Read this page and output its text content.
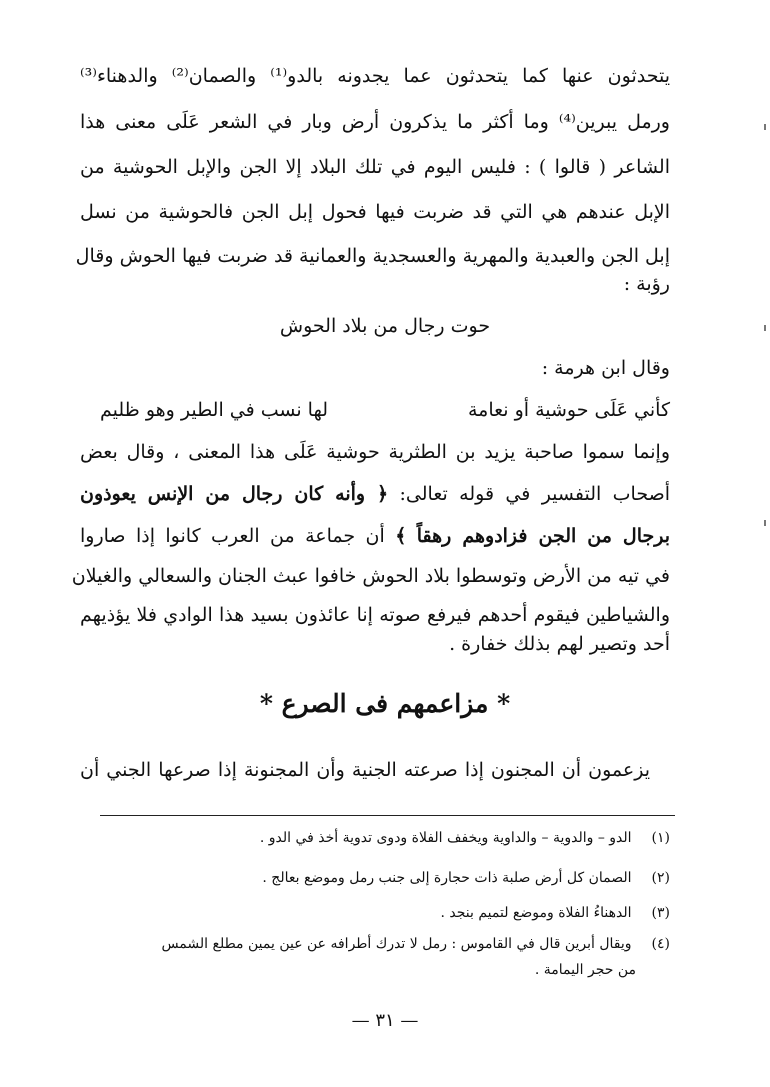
يتحدثون عنها كما يتحدثون عما يجدونه بالدو⁽¹⁾ والصمان⁽²⁾ والدهناء⁽³⁾
ورمل يبرين⁽⁴⁾ وما أكثر ما يذكرون أرض وبار في الشعر عَلَى معنى هذا
الشاعر ( قالوا ) : فليس اليوم في تلك البلاد إلا الجن والإبل الحوشية من
الإبل عندهم هي التي قد ضربت فيها فحول إبل الجن فالحوشية من نسل
إبل الجن والعبدية والمهرية والعسجدية والعمانية قد ضربت فيها الحوش وقال
رؤبة :
حوت رجال من بلاد الحوش
وقال ابن هرمة :
كأني عَلَى حوشية أو نعامة
لها نسب في الطير وهو ظليم
وإنما سموا صاحبة يزيد بن الطثرية حوشية عَلَى هذا المعنى ، وقال بعض
أصحاب التفسير في قوله تعالى: ﴿ وأنه كان رجال من الإنس يعوذون
برجال من الجن فزادوهم رهقاً ﴾ أن جماعة من العرب كانوا إذا صاروا
في تيه من الأرض وتوسطوا بلاد الحوش خافوا عبث الجنان والسعالي والغيلان
والشياطين فيقوم أحدهم فيرفع صوته إنا عائذون بسيد هذا الوادي فلا يؤذيهم
أحد وتصير لهم بذلك خفارة .
* مزاعمهم فى الصرع *
يزعمون أن المجنون إذا صرعته الجنية وأن المجنونة إذا صرعها الجني أن
(١) الدو – والدوية – والداوية ويخفف الفلاة ودوى تدوية أخذ في الدو .
(٢) الصمان كل أرض صلبة ذات حجارة إلى جنب رمل وموضع بعالج .
(٣) الدهناءُ الفلاة وموضع لتميم بنجد .
(٤) ويقال أبرين قال في القاموس : رمل لا تدرك أطرافه عن عين يمين مطلع الشمس
من حجر اليمامة .
— ٣١ —
